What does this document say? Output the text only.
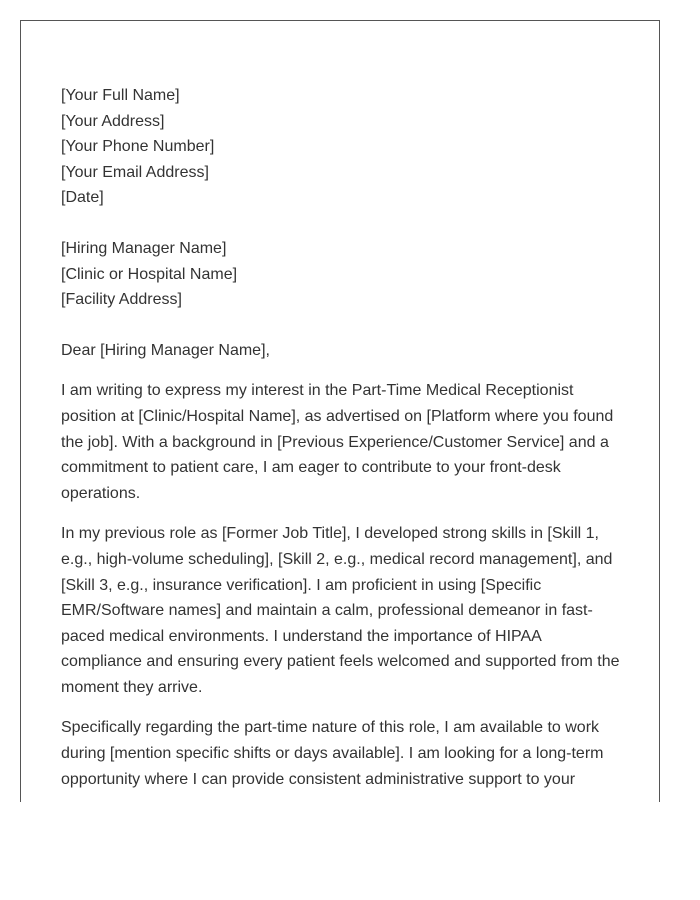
[Your Full Name]
[Your Address]
[Your Phone Number]
[Your Email Address]
[Date]
[Hiring Manager Name]
[Clinic or Hospital Name]
[Facility Address]

Dear [Hiring Manager Name],

I am writing to express my interest in the Part-Time Medical Receptionist position at [Clinic/Hospital Name], as advertised on [Platform where you found the job]. With a background in [Previous Experience/Customer Service] and a commitment to patient care, I am eager to contribute to your front-desk operations.

In my previous role as [Former Job Title], I developed strong skills in [Skill 1, e.g., high-volume scheduling], [Skill 2, e.g., medical record management], and [Skill 3, e.g., insurance verification]. I am proficient in using [Specific EMR/Software names] and maintain a calm, professional demeanor in fast-paced medical environments. I understand the importance of HIPAA compliance and ensuring every patient feels welcomed and supported from the moment they arrive.

Specifically regarding the part-time nature of this role, I am available to work during [mention specific shifts or days available]. I am looking for a long-term opportunity where I can provide consistent administrative support to your
